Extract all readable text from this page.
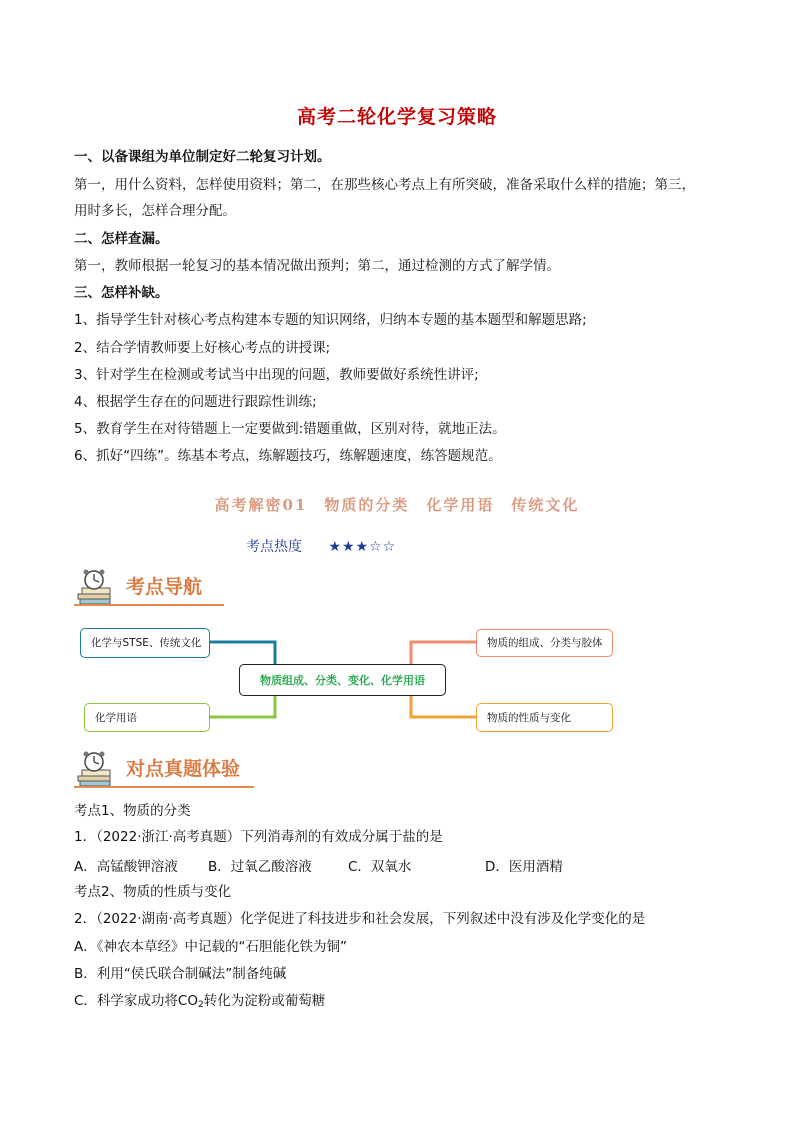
高考二轮化学复习策略
一、以备课组为单位制定好二轮复习计划。
第一，用什么资料，怎样使用资料；第二，在那些核心考点上有所突破，准备采取什么样的措施；第三，
用时多长，怎样合理分配。
二、怎样查漏。
第一，教师根据一轮复习的基本情况做出预判；第二，通过检测的方式了解学情。
三、怎样补缺。
1、指导学生针对核心考点构建本专题的知识网络，归纳本专题的基本题型和解题思路;
2、结合学情教师要上好核心考点的讲授课;
3、针对学生在检测或考试当中出现的问题，教师要做好系统性讲评;
4、根据学生存在的问题进行跟踪性训练;
5、教育学生在对待错题上一定要做到:错题重做，区别对待，就地正法。
6、抓好“四练”。练基本考点，练解题技巧，练解题速度，练答题规范。
高考解密01　物质的分类　化学用语　传统文化
考点热度 ★★★☆☆
考点导航
化学与STSE、传统文化
化学用语
物质的组成、分类与胶体
物质的性质与变化
物质组成、分类、变化、化学用语
对点真题体验
考点1、物质的分类
1．（2022·浙江·高考真题）下列消毒剂的有效成分属于盐的是
A．高锰酸钾溶液 B．过氧乙酸溶液	C．双氧水	D．医用酒精
考点2、物质的性质与变化
2．（2022·湖南·高考真题）化学促进了科技进步和社会发展，下列叙述中没有涉及化学变化的是
A．《神农本草经》中记载的“石胆能化铁为铜”
B．利用“侯氏联合制碱法”制备纯碱
C．科学家成功将$CO_2$转化为淀粉或葡萄糖
